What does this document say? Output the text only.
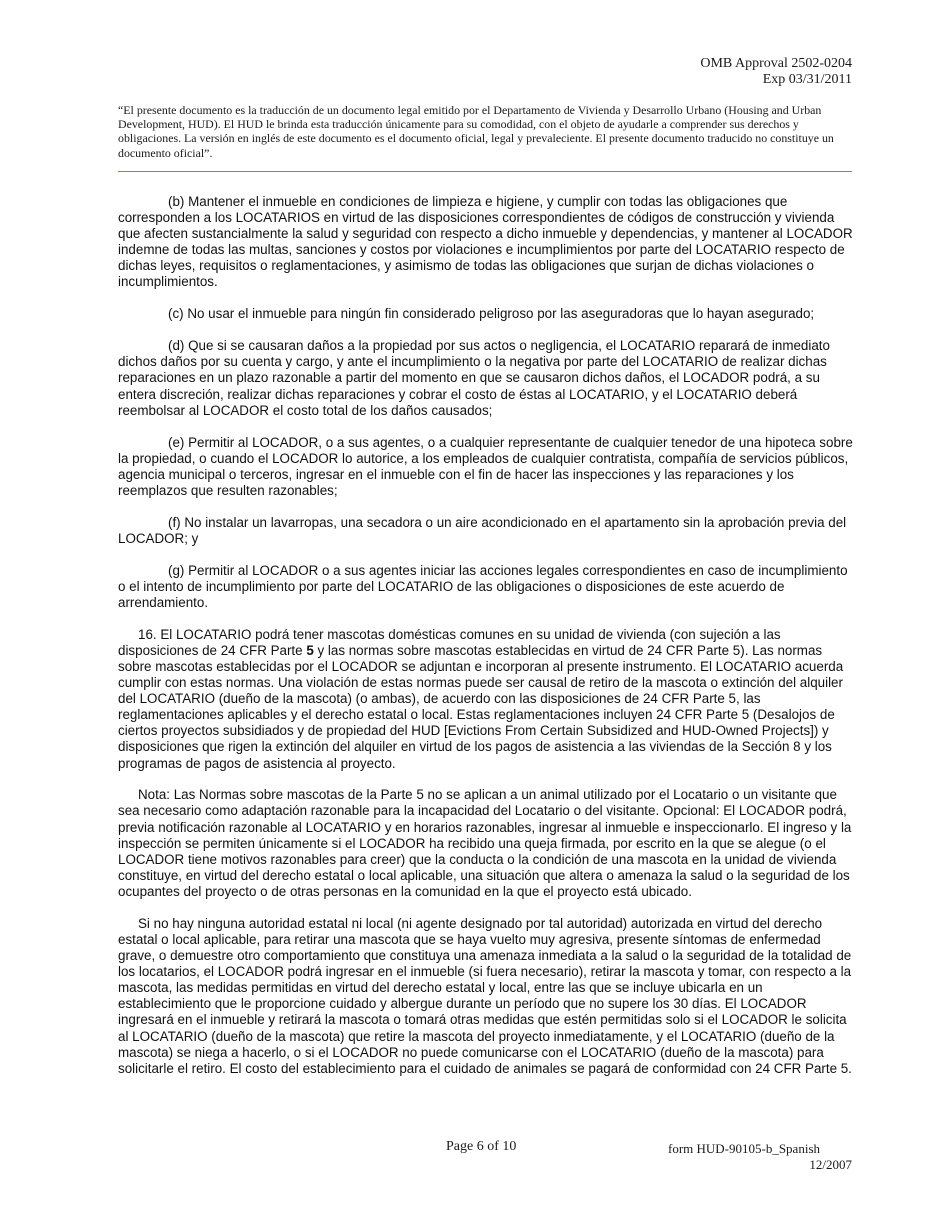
OMB Approval 2502-0204
Exp 03/31/2011
“El presente documento es la traducción de un documento legal emitido por el Departamento de Vivienda y Desarrollo Urbano (Housing and Urban Development, HUD). El HUD le brinda esta traducción únicamente para su comodidad, con el objeto de ayudarle a comprender sus derechos y obligaciones. La versión en inglés de este documento es el documento oficial, legal y prevaleciente. El presente documento traducido no constituye un documento oficial”.

(b) Mantener el inmueble en condiciones de limpieza e higiene, y cumplir con todas las obligaciones que corresponden a los LOCATARIOS en virtud de las disposiciones correspondientes de códigos de construcción y vivienda que afecten sustancialmente la salud y seguridad con respecto a dicho inmueble y dependencias, y mantener al LOCADOR indemne de todas las multas, sanciones y costos por violaciones e incumplimientos por parte del LOCATARIO respecto de dichas leyes, requisitos o reglamentaciones, y asimismo de todas las obligaciones que surjan de dichas violaciones o incumplimientos.

(c) No usar el inmueble para ningún fin considerado peligroso por las aseguradoras que lo hayan asegurado;

(d) Que si se causaran daños a la propiedad por sus actos o negligencia, el LOCATARIO reparará de inmediato dichos daños por su cuenta y cargo, y ante el incumplimiento o la negativa por parte del LOCATARIO de realizar dichas reparaciones en un plazo razonable a partir del momento en que se causaron dichos daños, el LOCADOR podrá, a su entera discreción, realizar dichas reparaciones y cobrar el costo de éstas al LOCATARIO, y el LOCATARIO deberá reembolsar al LOCADOR el costo total de los daños causados;

(e) Permitir al LOCADOR, o a sus agentes, o a cualquier representante de cualquier tenedor de una hipoteca sobre la propiedad, o cuando el LOCADOR lo autorice, a los empleados de cualquier contratista, compañía de servicios públicos, agencia municipal o terceros, ingresar en el inmueble con el fin de hacer las inspecciones y las reparaciones y los reemplazos que resulten razonables;

(f) No instalar un lavarropas, una secadora o un aire acondicionado en el apartamento sin la aprobación previa del LOCADOR; y

(g) Permitir al LOCADOR o a sus agentes iniciar las acciones legales correspondientes en caso de incumplimiento o el intento de incumplimiento por parte del LOCATARIO de las obligaciones o disposiciones de este acuerdo de arrendamiento.

16. El LOCATARIO podrá tener mascotas domésticas comunes en su unidad de vivienda (con sujeción a las disposiciones de 24 CFR Parte 5 y las normas sobre mascotas establecidas en virtud de 24 CFR Parte 5). Las normas sobre mascotas establecidas por el LOCADOR se adjuntan e incorporan al presente instrumento. El LOCATARIO acuerda cumplir con estas normas. Una violación de estas normas puede ser causal de retiro de la mascota o extinción del alquiler del LOCATARIO (dueño de la mascota) (o ambas), de acuerdo con las disposiciones de 24 CFR Parte 5, las reglamentaciones aplicables y el derecho estatal o local. Estas reglamentaciones incluyen 24 CFR Parte 5 (Desalojos de ciertos proyectos subsidiados y de propiedad del HUD [Evictions From Certain Subsidized and HUD-Owned Projects]) y disposiciones que rigen la extinción del alquiler en virtud de los pagos de asistencia a las viviendas de la Sección 8 y los programas de pagos de asistencia al proyecto.

Nota: Las Normas sobre mascotas de la Parte 5 no se aplican a un animal utilizado por el Locatario o un visitante que sea necesario como adaptación razonable para la incapacidad del Locatario o del visitante. Opcional: El LOCADOR podrá, previa notificación razonable al LOCATARIO y en horarios razonables, ingresar al inmueble e inspeccionarlo. El ingreso y la inspección se permiten únicamente si el LOCADOR ha recibido una queja firmada, por escrito en la que se alegue (o el LOCADOR tiene motivos razonables para creer) que la conducta o la condición de una mascota en la unidad de vivienda constituye, en virtud del derecho estatal o local aplicable, una situación que altera o amenaza la salud o la seguridad de los ocupantes del proyecto o de otras personas en la comunidad en la que el proyecto está ubicado.

Si no hay ninguna autoridad estatal ni local (ni agente designado por tal autoridad) autorizada en virtud del derecho estatal o local aplicable, para retirar una mascota que se haya vuelto muy agresiva, presente síntomas de enfermedad grave, o demuestre otro comportamiento que constituya una amenaza inmediata a la salud o la seguridad de la totalidad de los locatarios, el LOCADOR podrá ingresar en el inmueble (si fuera necesario), retirar la mascota y tomar, con respecto a la mascota, las medidas permitidas en virtud del derecho estatal y local, entre las que se incluye ubicarla en un establecimiento que le proporcione cuidado y albergue durante un período que no supere los 30 días. El LOCADOR ingresará en el inmueble y retirará la mascota o tomará otras medidas que estén permitidas solo si el LOCADOR le solicita al LOCATARIO (dueño de la mascota) que retire la mascota del proyecto inmediatamente, y el LOCATARIO (dueño de la mascota) se niega a hacerlo, o si el LOCADOR no puede comunicarse con el LOCATARIO (dueño de la mascota) para solicitarle el retiro. El costo del establecimiento para el cuidado de animales se pagará de conformidad con 24 CFR Parte 5.

Page 6 of 10	form HUD-90105-b_Spanish
12/2007
